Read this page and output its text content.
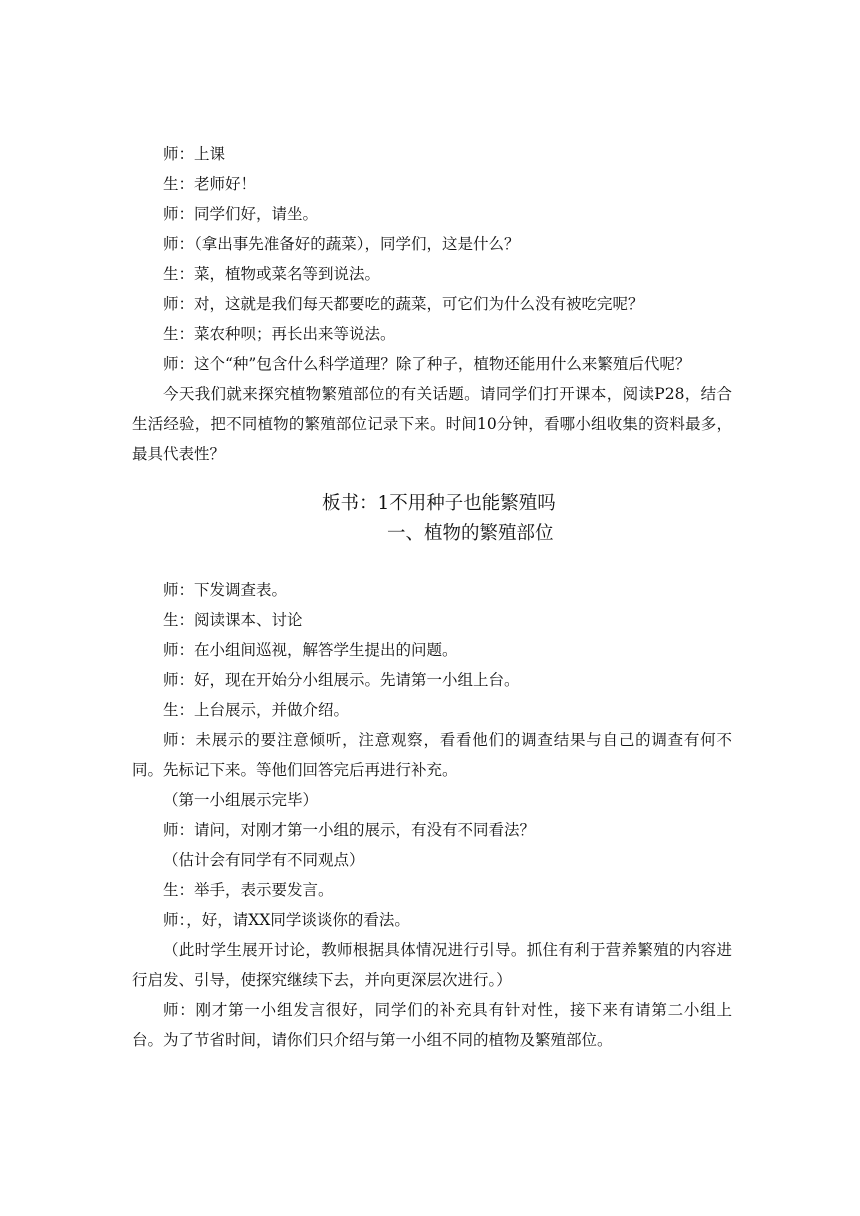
师：上课

生：老师好！

师：同学们好，请坐。

师：（拿出事先准备好的蔬菜），同学们，这是什么？

生：菜，植物或菜名等到说法。

师：对，这就是我们每天都要吃的蔬菜，可它们为什么没有被吃完呢？

生：菜农种呗；再长出来等说法。

师：这个“种”包含什么科学道理？除了种子，植物还能用什么来繁殖后代呢？

今天我们就来探究植物繁殖部位的有关话题。请同学们打开课本，阅读P28，结合生活经验，把不同植物的繁殖部位记录下来。时间10分钟，看哪小组收集的资料最多，最具代表性？

板书：1不用种子也能繁殖吗

一、植物的繁殖部位

师：下发调查表。

生：阅读课本、讨论

师：在小组间巡视，解答学生提出的问题。

师：好，现在开始分小组展示。先请第一小组上台。

生：上台展示，并做介绍。

师：未展示的要注意倾听，注意观察，看看他们的调查结果与自己的调查有何不同。先标记下来。等他们回答完后再进行补充。

（第一小组展示完毕）

师：请问，对刚才第一小组的展示，有没有不同看法？

（估计会有同学有不同观点）

生：举手，表示要发言。

师：，好，请XX同学谈谈你的看法。

（此时学生展开讨论，教师根据具体情况进行引导。抓住有利于营养繁殖的内容进行启发、引导，使探究继续下去，并向更深层次进行。）

师：刚才第一小组发言很好，同学们的补充具有针对性，接下来有请第二小组上台。为了节省时间，请你们只介绍与第一小组不同的植物及繁殖部位。
